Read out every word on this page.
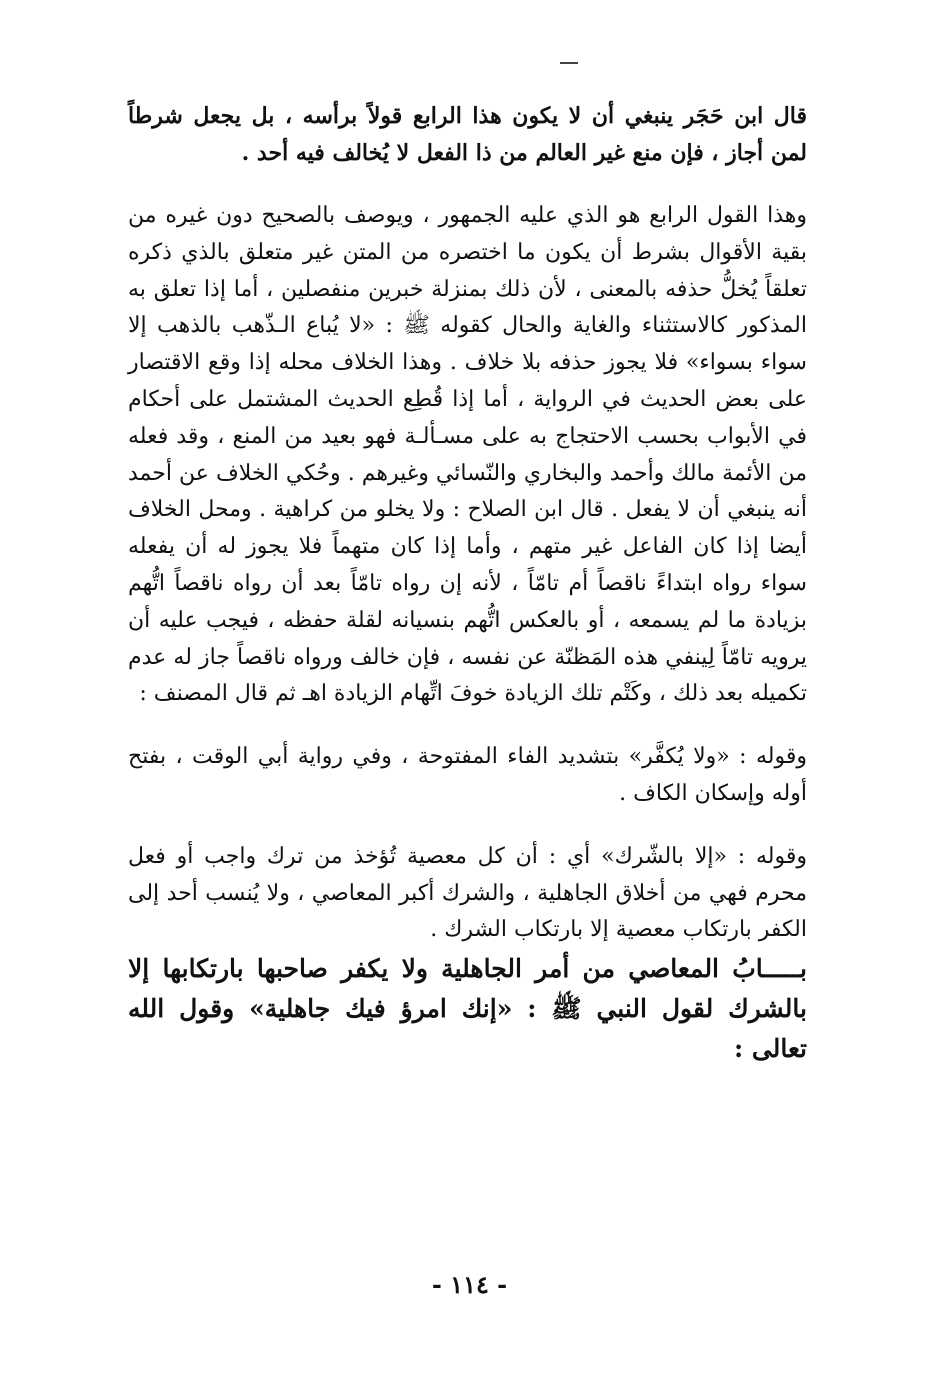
قال ابن حَجَر ينبغي أن لا يكون هذا الرابع قولاً برأسه ، بل يجعل شرطاً لمن أجاز ، فإن منع غير العالم من ذا الفعل لا يُخالف فيه أحد .

وهذا القول الرابع هو الذي عليه الجمهور ، ويوصف بالصحيح دون غيره من بقية الأقوال بشرط أن يكون ما اختصره من المتن غير متعلق بالذي ذكره تعلقاً يُخلُّ حذفه بالمعنى ، لأن ذلك بمنزلة خبرين منفصلين ، أما إذا تعلق به المذكور كالاستثناء والغاية والحال كقوله ﷺ : «لا يُباع الـذّهب بالذهب إلا سواء بسواء» فلا يجوز حذفه بلا خلاف . وهذا الخلاف محله إذا وقع الاقتصار على بعض الحديث في الرواية ، أما إذا قُطِع الحديث المشتمل على أحكام في الأبواب بحسب الاحتجاج به على مسـألـة فهو بعيد من المنع ، وقد فعله من الأئمة مالك وأحمد والبخاري والنّسائي وغيرهم . وحُكي الخلاف عن أحمد أنه ينبغي أن لا يفعل . قال ابن الصلاح : ولا يخلو من كراهية . ومحل الخلاف أيضا إذا كان الفاعل غير متهم ، وأما إذا كان متهماً فلا يجوز له أن يفعله سواء رواه ابتداءً ناقصاً أم تامّاً ، لأنه إن رواه تامّاً بعد أن رواه ناقصاً اتُّهم بزيادة ما لم يسمعه ، أو بالعكس اتُّهم بنسيانه لقلة حفظه ، فيجب عليه أن يرويه تامّاً لِينفي هذه المَظنّة عن نفسه ، فإن خالف ورواه ناقصاً جاز له عدم تكميله بعد ذلك ، وكَتْم تلك الزيادة خوفَ اتِّهام الزيادة اهـ ثم قال المصنف :

وقوله : «ولا يُكفَّر» بتشديد الفاء المفتوحة ، وفي رواية أبي الوقت ، بفتح أوله وإسكان الكاف .

وقوله : «إلا بالشّرك» أي : أن كل معصية تُؤخذ من ترك واجب أو فعل محرم فهي من أخلاق الجاهلية ، والشرك أكبر المعاصي ، ولا يُنسب أحد إلى الكفر بارتكاب معصية إلا بارتكاب الشرك .

بـــــابُ المعاصي من أمر الجاهلية ولا يكفر صاحبها بارتكابها إلا بالشرك لقول النبي ﷺ : «إنك امرؤ فيك جاهلية» وقول الله تعالى :

- ١١٤ -
